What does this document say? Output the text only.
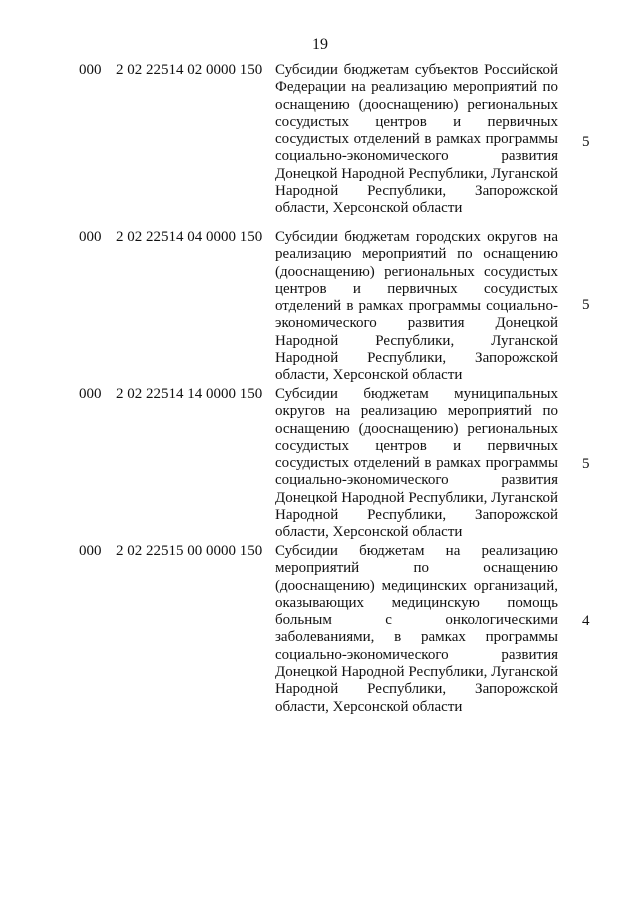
19
000 2 02 22514 02 0000 150 Субсидии бюджетам субъектов Российской Федерации на реализацию мероприятий по оснащению (дооснащению) региональных сосудистых центров и первичных сосудистых отделений в рамках программы социально-экономического развития Донецкой Народной Республики, Луганской Народной Республики, Запорожской области, Херсонской области
5
000 2 02 22514 04 0000 150 Субсидии бюджетам городских округов на реализацию мероприятий по оснащению (дооснащению) региональных сосудистых центров и первичных сосудистых отделений в рамках программы социально-экономического развития Донецкой Народной Республики, Луганской Народной Республики, Запорожской области, Херсонской области
5
000 2 02 22514 14 0000 150 Субсидии бюджетам муниципальных округов на реализацию мероприятий по оснащению (дооснащению) региональных сосудистых центров и первичных сосудистых отделений в рамках программы социально-экономического развития Донецкой Народной Республики, Луганской Народной Республики, Запорожской области, Херсонской области
5
000 2 02 22515 00 0000 150 Субсидии бюджетам на реализацию мероприятий по оснащению (дооснащению) медицинских организаций, оказывающих медицинскую помощь больным с онкологическими заболеваниями, в рамках программы социально-экономического развития Донецкой Народной Республики, Луганской Народной Республики, Запорожской области, Херсонской области
4
